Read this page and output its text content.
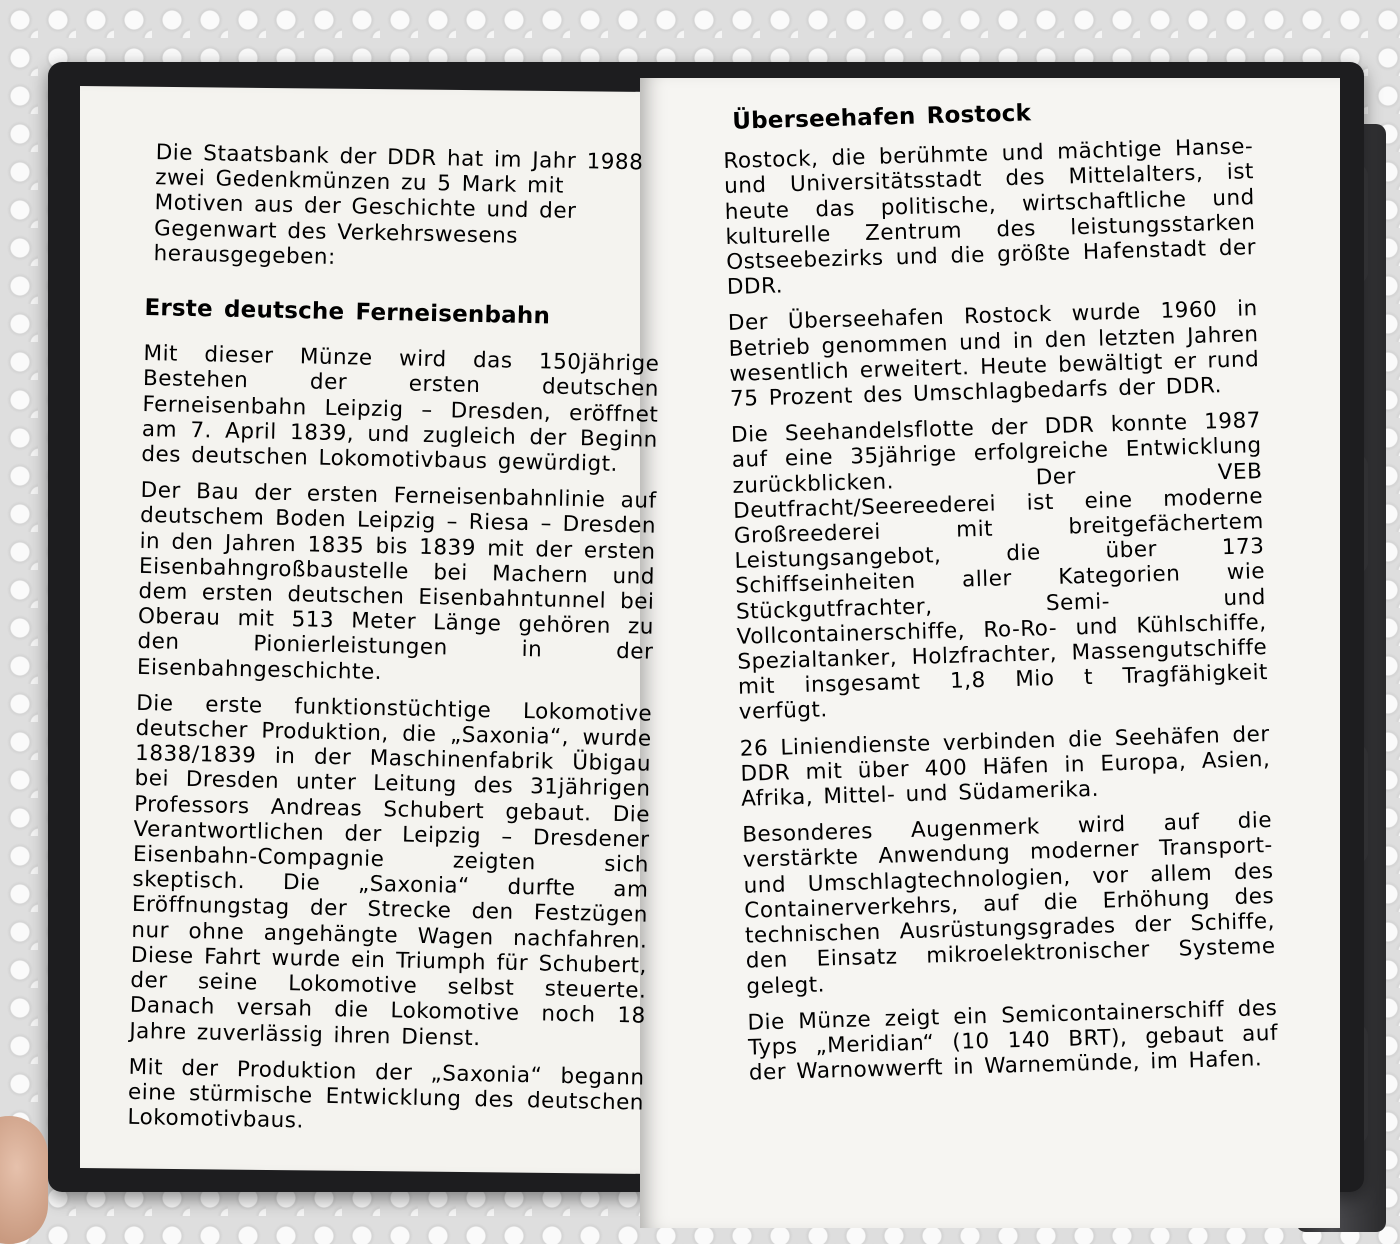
Die Staatsbank der DDR hat im Jahr 1988 zwei Gedenkmünzen zu 5 Mark mit Motiven aus der Geschichte und der Gegenwart des Verkehrswesens herausgegeben:

Erste deutsche Ferneisenbahn

Mit dieser Münze wird das 150jährige Bestehen der ersten deutschen Ferneisenbahn Leipzig – Dresden, eröffnet am 7. April 1839, und zugleich der Beginn des deutschen Lokomotivbaus gewürdigt.

Der Bau der ersten Ferneisenbahnlinie auf deutschem Boden Leipzig – Riesa – Dresden in den Jahren 1835 bis 1839 mit der ersten Eisenbahngroßbaustelle bei Machern und dem ersten deutschen Eisenbahntunnel bei Oberau mit 513 Meter Länge gehören zu den Pionierleistungen in der Eisenbahngeschichte.

Die erste funktionstüchtige Lokomotive deutscher Produktion, die „Saxonia“, wurde 1838/1839 in der Maschinenfabrik Übigau bei Dresden unter Leitung des 31jährigen Professors Andreas Schubert gebaut. Die Verantwortlichen der Leipzig – Dresdener Eisenbahn-Compagnie zeigten sich skeptisch. Die „Saxonia“ durfte am Eröffnungstag der Strecke den Festzügen nur ohne angehängte Wagen nachfahren. Diese Fahrt wurde ein Triumph für Schubert, der seine Lokomotive selbst steuerte. Danach versah die Lokomotive noch 18 Jahre zuverlässig ihren Dienst.

Mit der Produktion der „Saxonia“ begann eine stürmische Entwicklung des deutschen Lokomotivbaus.

Überseehafen Rostock

Rostock, die berühmte und mächtige Hanse- und Universitätsstadt des Mittelalters, ist heute das politische, wirtschaftliche und kulturelle Zentrum des leistungsstarken Ostseebezirks und die größte Hafenstadt der DDR.

Der Überseehafen Rostock wurde 1960 in Betrieb genommen und in den letzten Jahren wesentlich erweitert. Heute bewältigt er rund 75 Prozent des Umschlagbedarfs der DDR.

Die Seehandelsflotte der DDR konnte 1987 auf eine 35jährige erfolgreiche Entwicklung zurückblicken. Der VEB Deutfracht/Seereederei ist eine moderne Großreederei mit breitgefächertem Leistungsangebot, die über 173 Schiffseinheiten aller Kategorien wie Stückgutfrachter, Semi- und Vollcontainerschiffe, Ro-Ro- und Kühlschiffe, Spezialtanker, Holzfrachter, Massengutschiffe mit insgesamt 1,8 Mio t Tragfähigkeit verfügt.

26 Liniendienste verbinden die Seehäfen der DDR mit über 400 Häfen in Europa, Asien, Afrika, Mittel- und Südamerika.

Besonderes Augenmerk wird auf die verstärkte Anwendung moderner Transport- und Umschlagtechnologien, vor allem des Containerverkehrs, auf die Erhöhung des technischen Ausrüstungsgrades der Schiffe, den Einsatz mikroelektronischer Systeme gelegt.

Die Münze zeigt ein Semicontainerschiff des Typs „Meridian“ (10 140 BRT), gebaut auf der Warnowwerft in Warnemünde, im Hafen.
